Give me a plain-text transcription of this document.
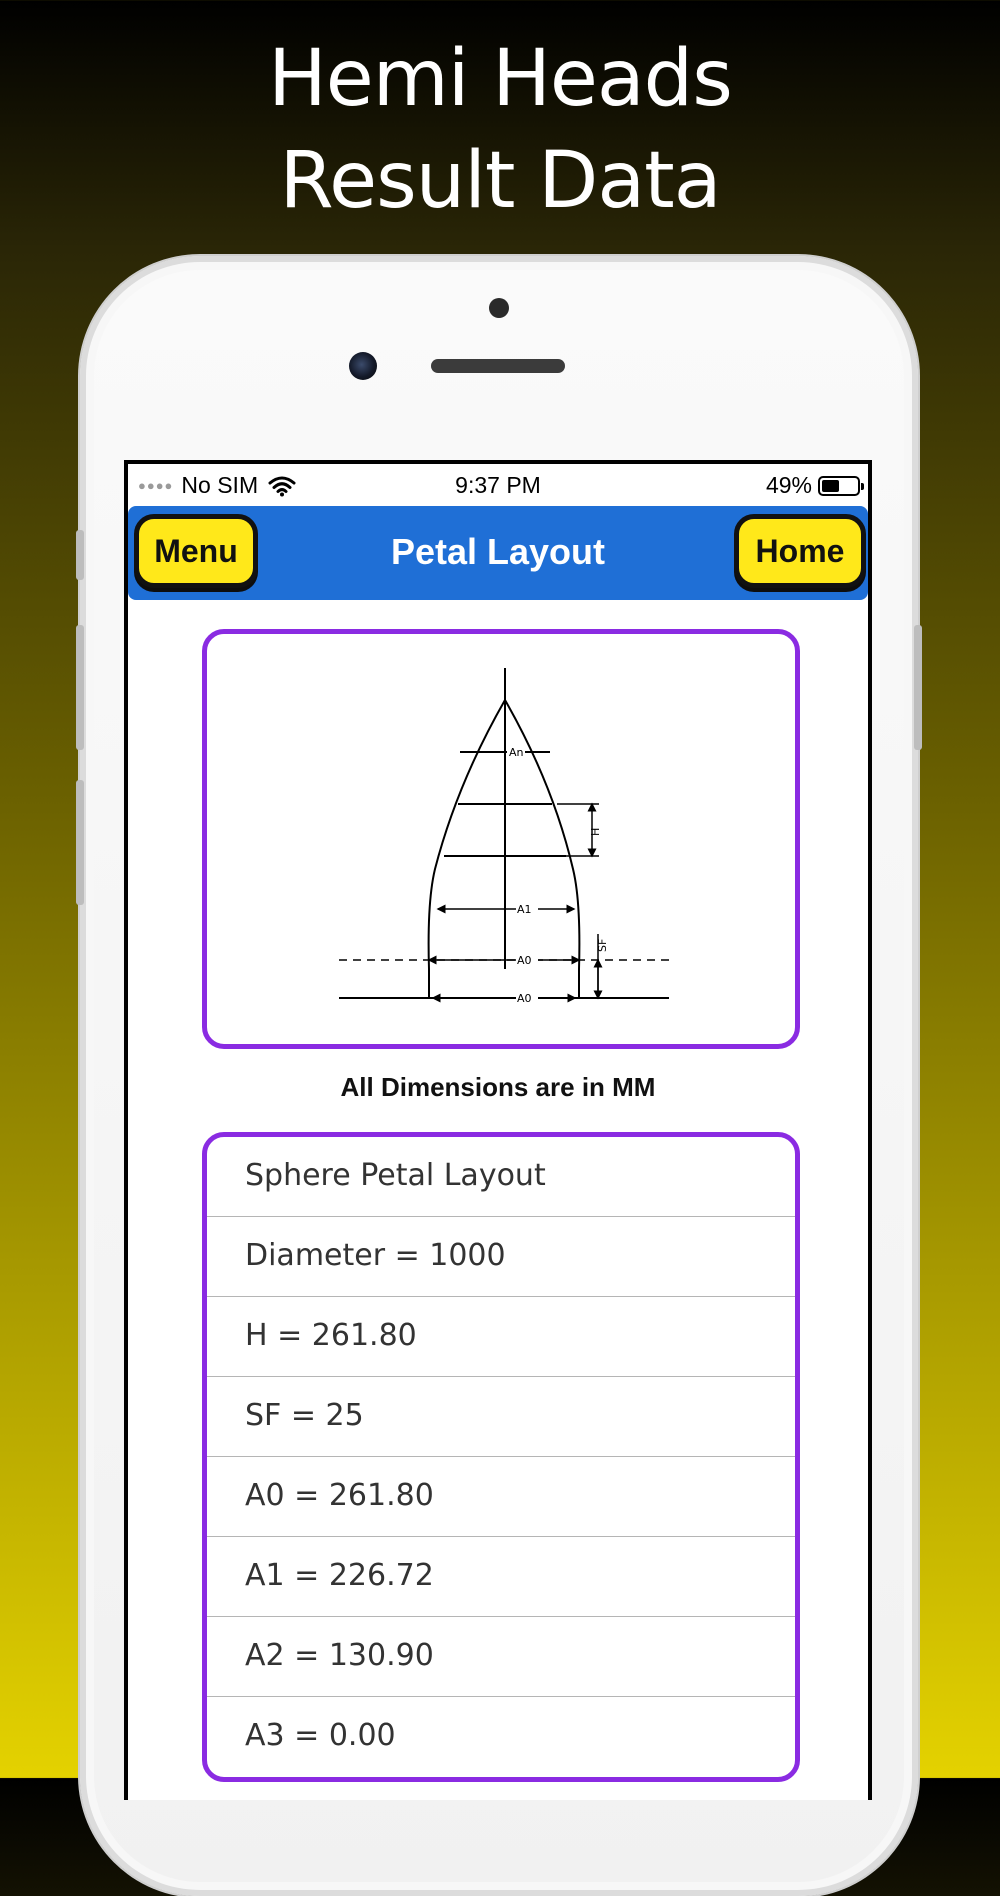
Hemi Heads
Result Data
●●●● No SIM	9:37 PM	49%
Menu	Petal Layout	Home
An
H
A1
SF
A0
A0
All Dimensions are in MM
Sphere Petal Layout
Diameter = 1000
H = 261.80
SF = 25
A0 = 261.80
A1 = 226.72
A2 = 130.90
A3 = 0.00
